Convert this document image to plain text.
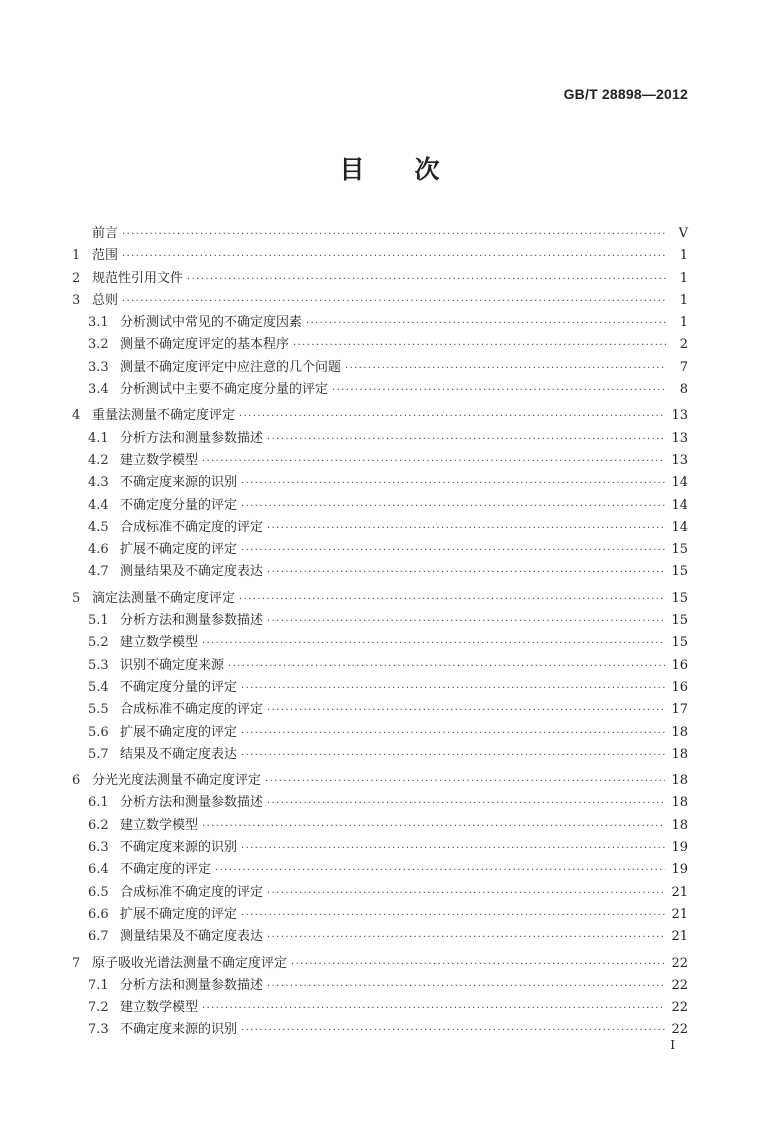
GB/T 28898—2012
目　　次
前言 ·····	Ⅴ
1 范围 ·····	1
2 规范性引用文件 ·····	1
3 总则 ·····	1
3.1 分析测试中常见的不确定度因素 ·····	1
3.2 测量不确定度评定的基本程序 ·····	2
3.3 测量不确定度评定中应注意的几个问题 ·····	7
3.4 分析测试中主要不确定度分量的评定 ·····	8
4 重量法测量不确定度评定 ·····	13
4.1 分析方法和测量参数描述 ·····	13
4.2 建立数学模型 ·····	13
4.3 不确定度来源的识别 ·····	14
4.4 不确定度分量的评定 ·····	14
4.5 合成标准不确定度的评定 ·····	14
4.6 扩展不确定度的评定 ·····	15
4.7 测量结果及不确定度表达 ·····	15
5 滴定法测量不确定度评定 ·····	15
5.1 分析方法和测量参数描述 ·····	15
5.2 建立数学模型 ·····	15
5.3 识别不确定度来源 ·····	16
5.4 不确定度分量的评定 ·····	16
5.5 合成标准不确定度的评定 ·····	17
5.6 扩展不确定度的评定 ·····	18
5.7 结果及不确定度表达 ·····	18
6 分光光度法测量不确定度评定 ·····	18
6.1 分析方法和测量参数描述 ·····	18
6.2 建立数学模型 ·····	18
6.3 不确定度来源的识别 ·····	19
6.4 不确定度的评定 ·····	19
6.5 合成标准不确定度的评定 ·····	21
6.6 扩展不确定度的评定 ·····	21
6.7 测量结果及不确定度表达 ·····	21
7 原子吸收光谱法测量不确定度评定 ·····	22
7.1 分析方法和测量参数描述 ·····	22
7.2 建立数学模型 ·····	22
7.3 不确定度来源的识别 ·····	22
Ⅰ
